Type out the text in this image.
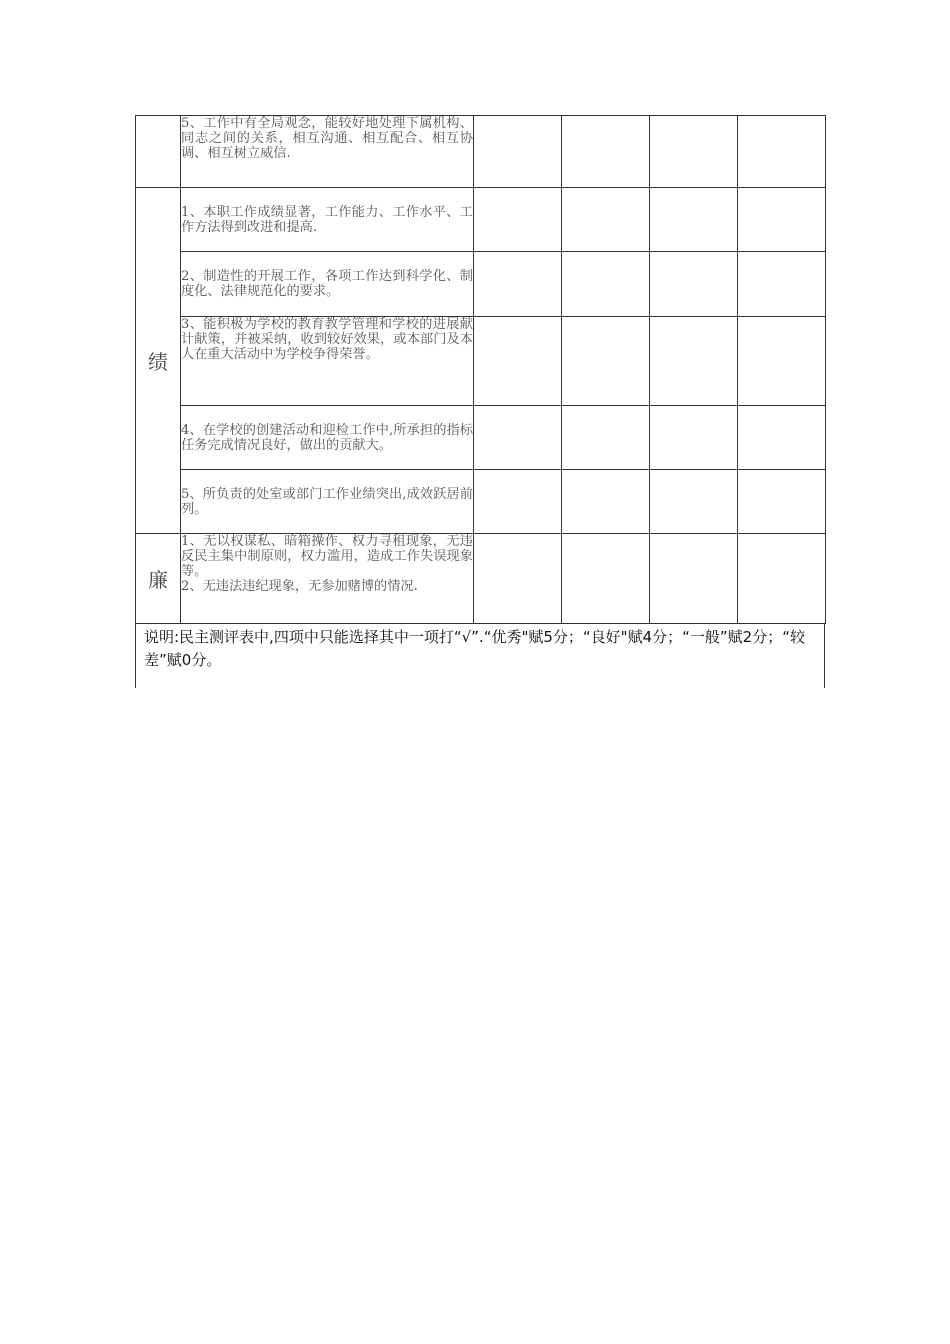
	5、工作中有全局观念，能较好地处理下属机构、同志之间的关系，相互沟通、相互配合、相互协调、相互树立威信.				
绩	1、本职工作成绩显著，工作能力、工作水平、工作方法得到改进和提高.				
	2、制造性的开展工作，各项工作达到科学化、制度化、法律规范化的要求。				
	3、能积极为学校的教育教学管理和学校的进展献计献策，并被采纳，收到较好效果，或本部门及本人在重大活动中为学校争得荣誉。				
	4、在学校的创建活动和迎检工作中,所承担的指标任务完成情况良好，做出的贡献大。				
	5、所负责的处室或部门工作业绩突出,成效跃居前列。				
廉	1、无以权谋私、暗箱操作、权力寻租现象，无违反民主集中制原则，权力滥用，造成工作失误现象等。
2、无违法违纪现象，无参加赌博的情况.				

说明:民主测评表中,四项中只能选择其中一项打“√”.“优秀"赋5分；“良好"赋4分；“一般”赋2分；“较差”赋0分。
